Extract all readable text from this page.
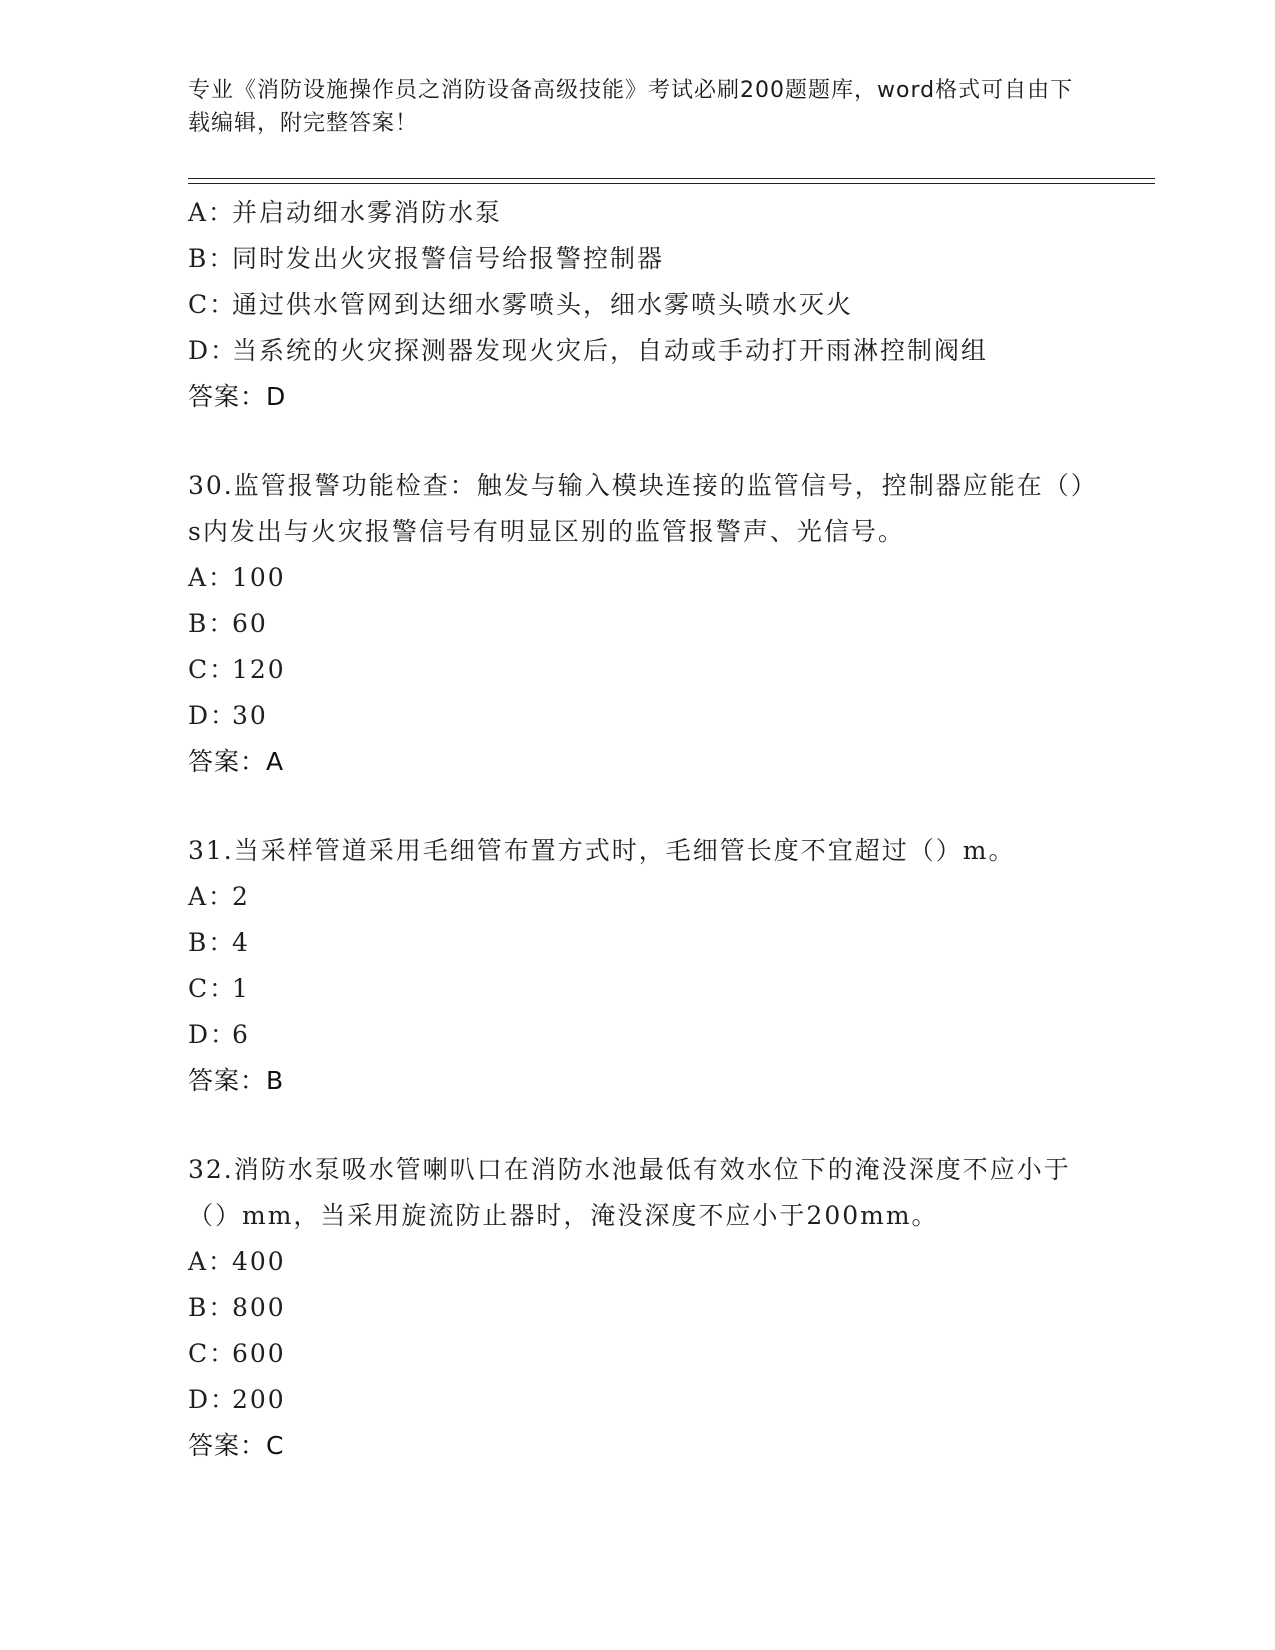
专业《消防设施操作员之消防设备高级技能》考试必刷200题题库，word格式可自由下载编辑，附完整答案！
A：并启动细水雾消防水泵
B：同时发出火灾报警信号给报警控制器
C：通过供水管网到达细水雾喷头，细水雾喷头喷水灭火
D：当系统的火灾探测器发现火灾后，自动或手动打开雨淋控制阀组
答案：D
30.监管报警功能检查：触发与输入模块连接的监管信号，控制器应能在（）s内发出与火灾报警信号有明显区别的监管报警声、光信号。
A：100
B：60
C：120
D：30
答案：A
31.当采样管道采用毛细管布置方式时，毛细管长度不宜超过（）m。
A：2
B：4
C：1
D：6
答案：B
32.消防水泵吸水管喇叭口在消防水池最低有效水位下的淹没深度不应小于（）mm，当采用旋流防止器时，淹没深度不应小于200mm。
A：400
B：800
C：600
D：200
答案：C
